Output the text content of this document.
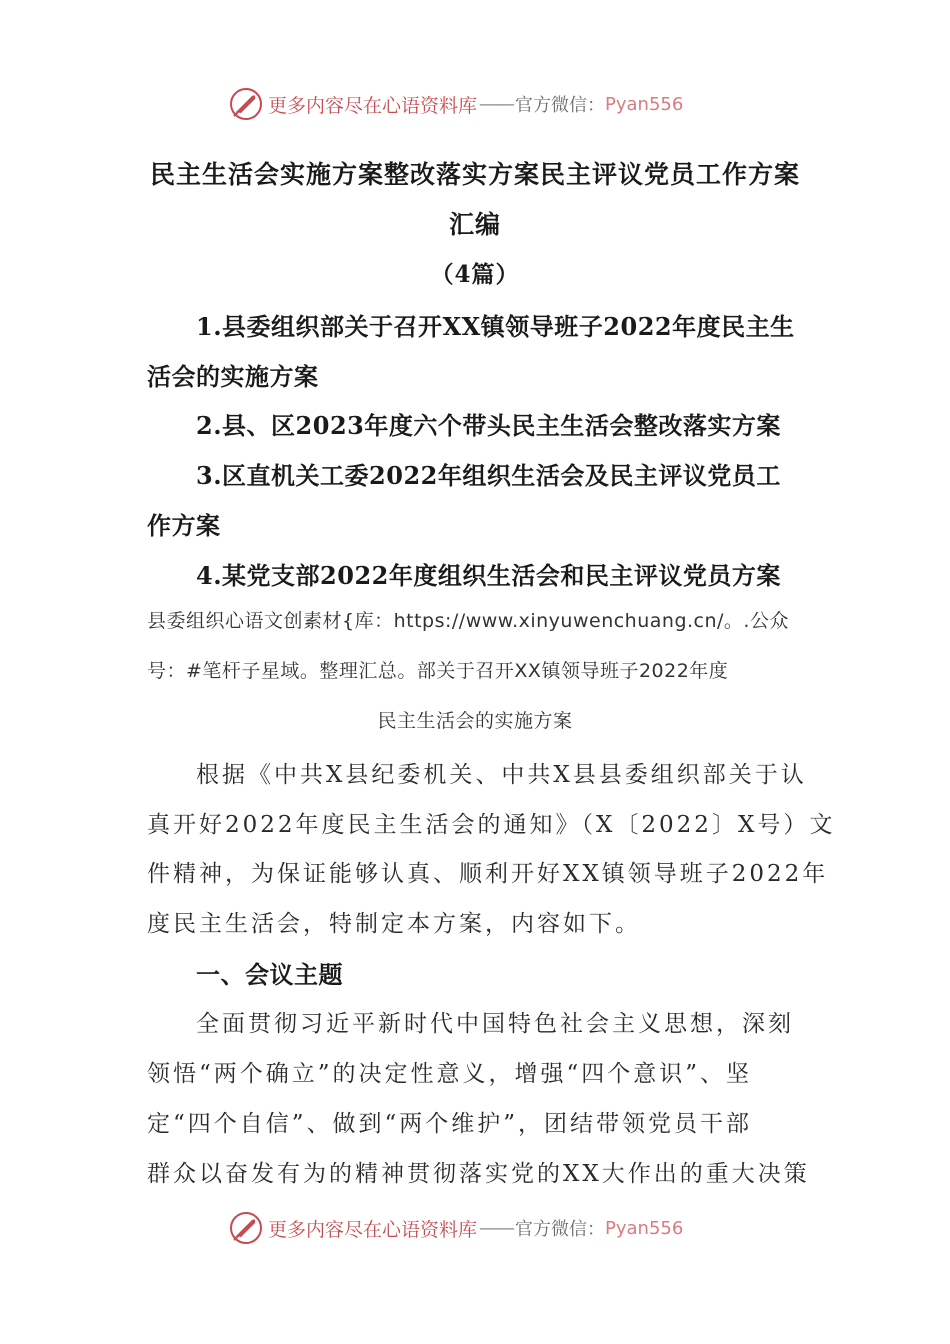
更多内容尽在心语资料库 —— 官方微信： Pyan556
民主生活会实施方案整改落实方案民主评议党员工作方案
汇编
（4篇）
1.县委组织部关于召开XX镇领导班子2022年度民主生
活会的实施方案
2.县、区2023年度六个带头民主生活会整改落实方案
3.区直机关工委2022年组织生活会及民主评议党员工
作方案
4.某党支部2022年度组织生活会和民主评议党员方案
县委组织心语文创素材{库：https://www.xinyuwenchuang.cn/。.公众
号：#笔杆子星域。整理汇总。部关于召开XX镇领导班子2022年度
民主生活会的实施方案
根据《中共X县纪委机关、中共X县县委组织部关于认
真开好2022年度民主生活会的通知》（X〔2022〕X号）文
件精神，为保证能够认真、顺利开好XX镇领导班子2022年
度民主生活会，特制定本方案，内容如下。
一、会议主题
全面贯彻习近平新时代中国特色社会主义思想，深刻
领悟“两个确立”的决定性意义，增强“四个意识”、坚
定“四个自信”、做到“两个维护”，团结带领党员干部
群众以奋发有为的精神贯彻落实党的XX大作出的重大决策
更多内容尽在心语资料库 —— 官方微信： Pyan556
